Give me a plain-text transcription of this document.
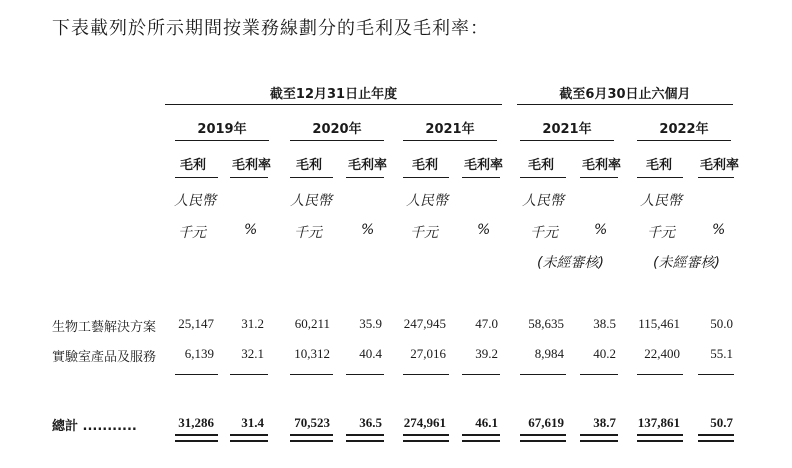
下表載列於所示期間按業務線劃分的毛利及毛利率：
截至12月31日止年度	截至6月30日止六個月
2019年	2020年	2021年	2021年	2022年
毛利 毛利率 毛利 毛利率 毛利 毛利率 毛利 毛利率 毛利 毛利率
人民幣	人民幣	人民幣	人民幣	人民幣
千元	%	千元	%	千元	%	千元	%	千元	%
(未經審核)	(未經審核)
生物工藝解決方案	25,147	31.2	60,211	35.9	247,945	47.0	58,635	38.5	115,461	50.0
實驗室產品及服務	6,139	32.1	10,312	40.4	27,016	39.2	8,984	40.2	22,400	55.1
總計 ...........	31,286	31.4	70,523	36.5	274,961	46.1	67,619	38.7	137,861	50.7
